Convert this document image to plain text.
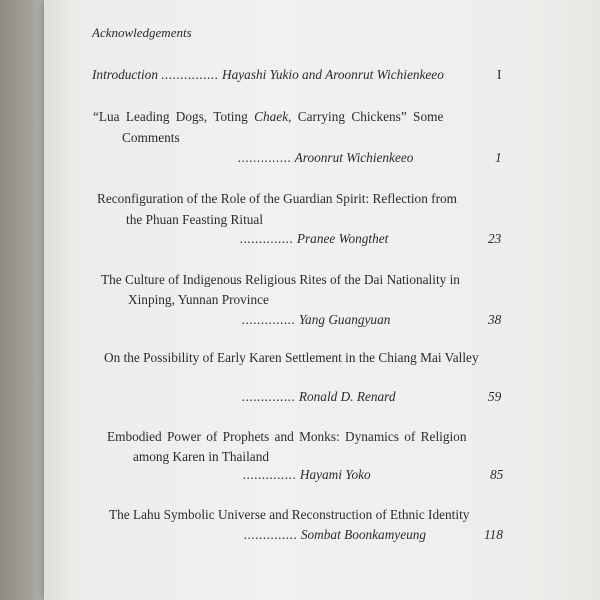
Acknowledgements
Introduction ............... Hayashi Yukio and Aroonrut Wichienkeeo	I
“Lua Leading Dogs, Toting Chaek, Carrying Chickens” Some
Comments
.............. Aroonrut Wichienkeeo	1
Reconfiguration of the Role of the Guardian Spirit: Reflection from
the Phuan Feasting Ritual
.............. Pranee Wongthet	23
The Culture of Indigenous Religious Rites of the Dai Nationality in
Xinping, Yunnan Province
.............. Yang Guangyuan	38
On the Possibility of Early Karen Settlement in the Chiang Mai Valley
.............. Ronald D. Renard	59
Embodied Power of Prophets and Monks: Dynamics of Religion
among Karen in Thailand
.............. Hayami Yoko	85
The Lahu Symbolic Universe and Reconstruction of Ethnic Identity
.............. Sombat Boonkamyeung	118
